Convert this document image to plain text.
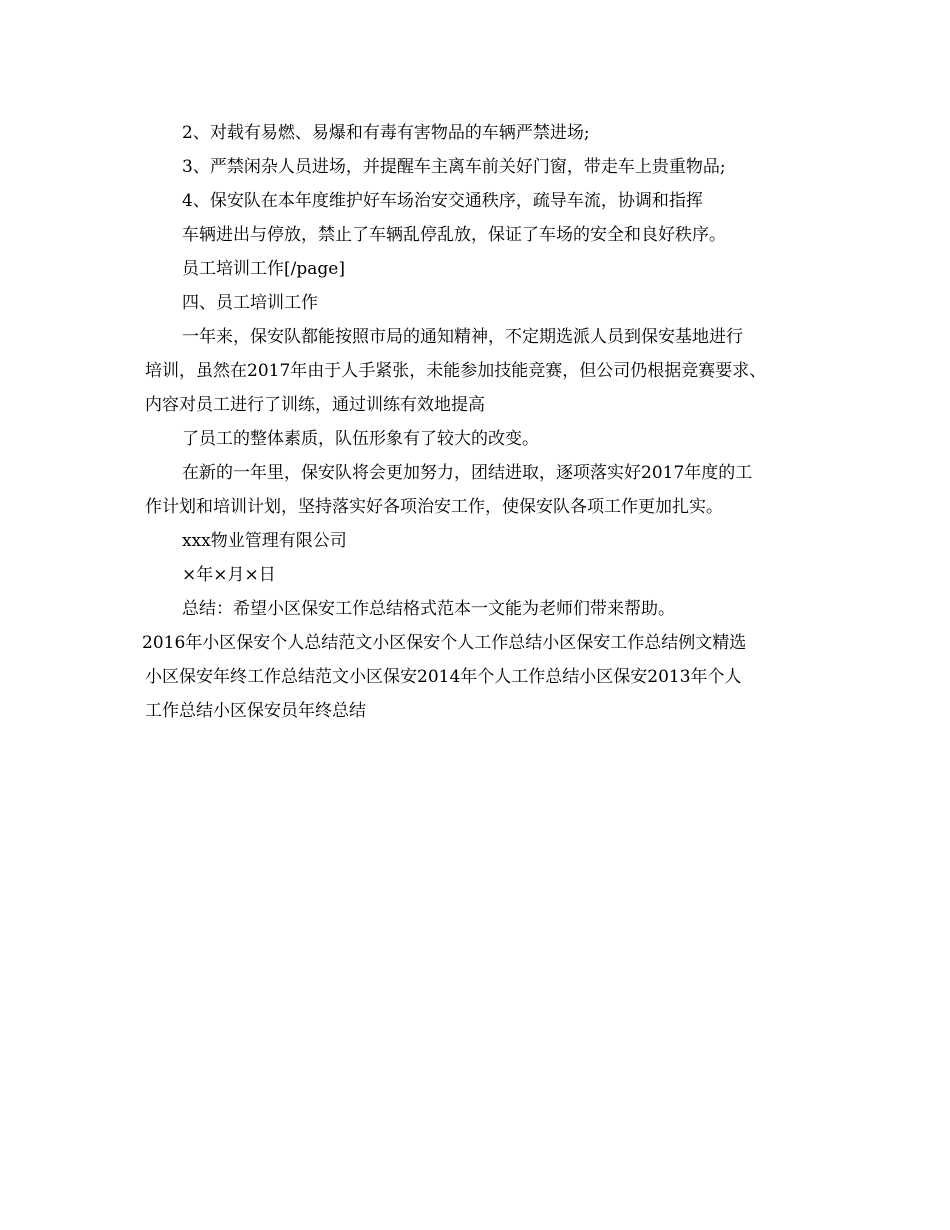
2、对载有易燃、易爆和有毒有害物品的车辆严禁进场;
3、严禁闲杂人员进场，并提醒车主离车前关好门窗，带走车上贵重物品;
4、保安队在本年度维护好车场治安交通秩序，疏导车流，协调和指挥
车辆进出与停放，禁止了车辆乱停乱放，保证了车场的安全和良好秩序。
员工培训工作[/page]
四、员工培训工作
一年来，保安队都能按照市局的通知精神，不定期选派人员到保安基地进行
培训，虽然在2017年由于人手紧张，未能参加技能竞赛，但公司仍根据竞赛要求、
内容对员工进行了训练，通过训练有效地提高
了员工的整体素质，队伍形象有了较大的改变。
在新的一年里，保安队将会更加努力，团结进取，逐项落实好2017年度的工
作计划和培训计划，坚持落实好各项治安工作，使保安队各项工作更加扎实。
xxx物业管理有限公司
×年×月×日
总结：希望小区保安工作总结格式范本一文能为老师们带来帮助。
2016年小区保安个人总结范文小区保安个人工作总结小区保安工作总结例文精选
小区保安年终工作总结范文小区保安2014年个人工作总结小区保安2013年个人
工作总结小区保安员年终总结
